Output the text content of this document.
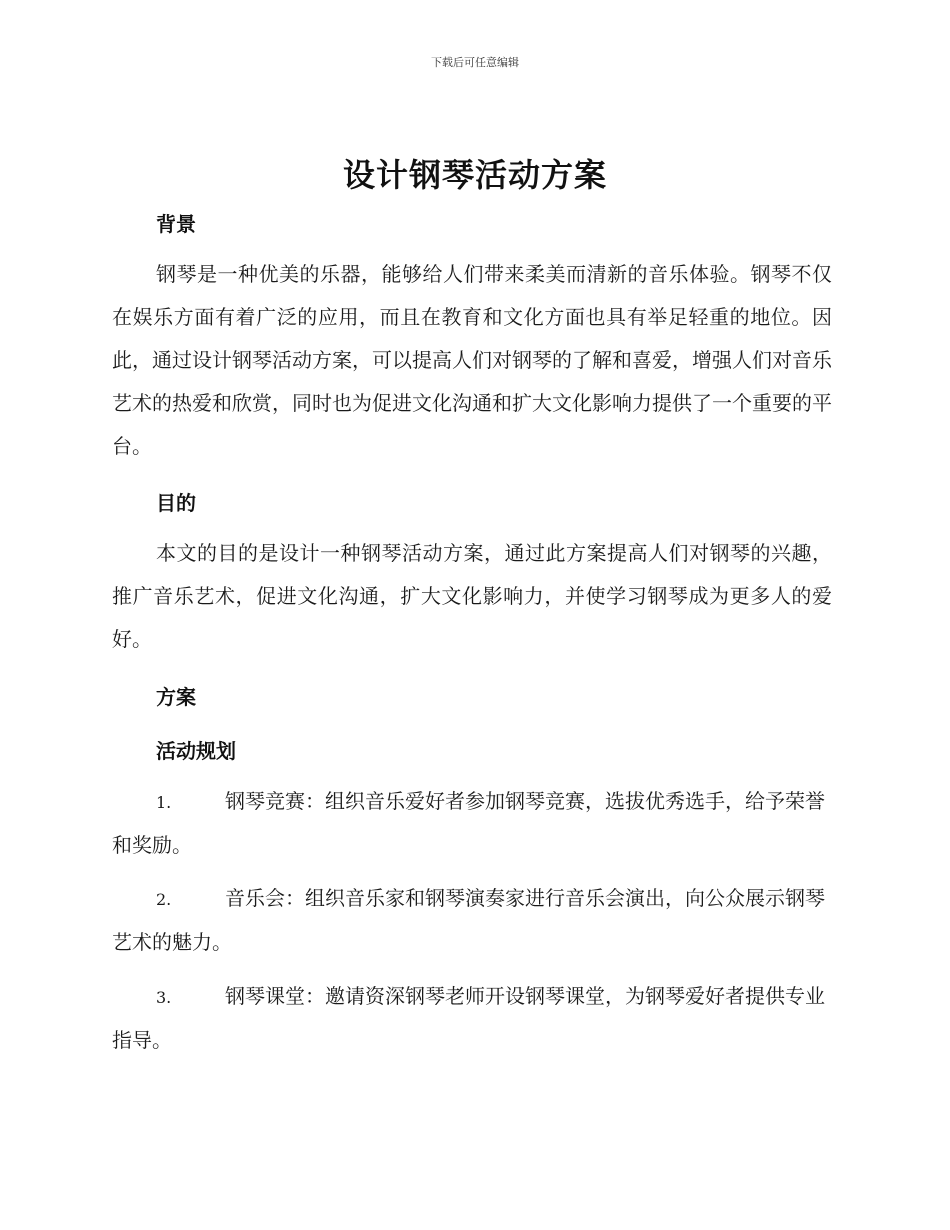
下载后可任意编辑
设计钢琴活动方案
背景

钢琴是一种优美的乐器，能够给人们带来柔美而清新的音乐体验。钢琴不仅在娱乐方面有着广泛的应用，而且在教育和文化方面也具有举足轻重的地位。因此，通过设计钢琴活动方案，可以提高人们对钢琴的了解和喜爱，增强人们对音乐艺术的热爱和欣赏，同时也为促进文化沟通和扩大文化影响力提供了一个重要的平台。

目的

本文的目的是设计一种钢琴活动方案，通过此方案提高人们对钢琴的兴趣，推广音乐艺术，促进文化沟通，扩大文化影响力，并使学习钢琴成为更多人的爱好。

方案
活动规划

1.	钢琴竞赛：组织音乐爱好者参加钢琴竞赛，选拔优秀选手，给予荣誉和奖励。

2.	音乐会：组织音乐家和钢琴演奏家进行音乐会演出，向公众展示钢琴艺术的魅力。

3.	钢琴课堂：邀请资深钢琴老师开设钢琴课堂，为钢琴爱好者提供专业指导。
